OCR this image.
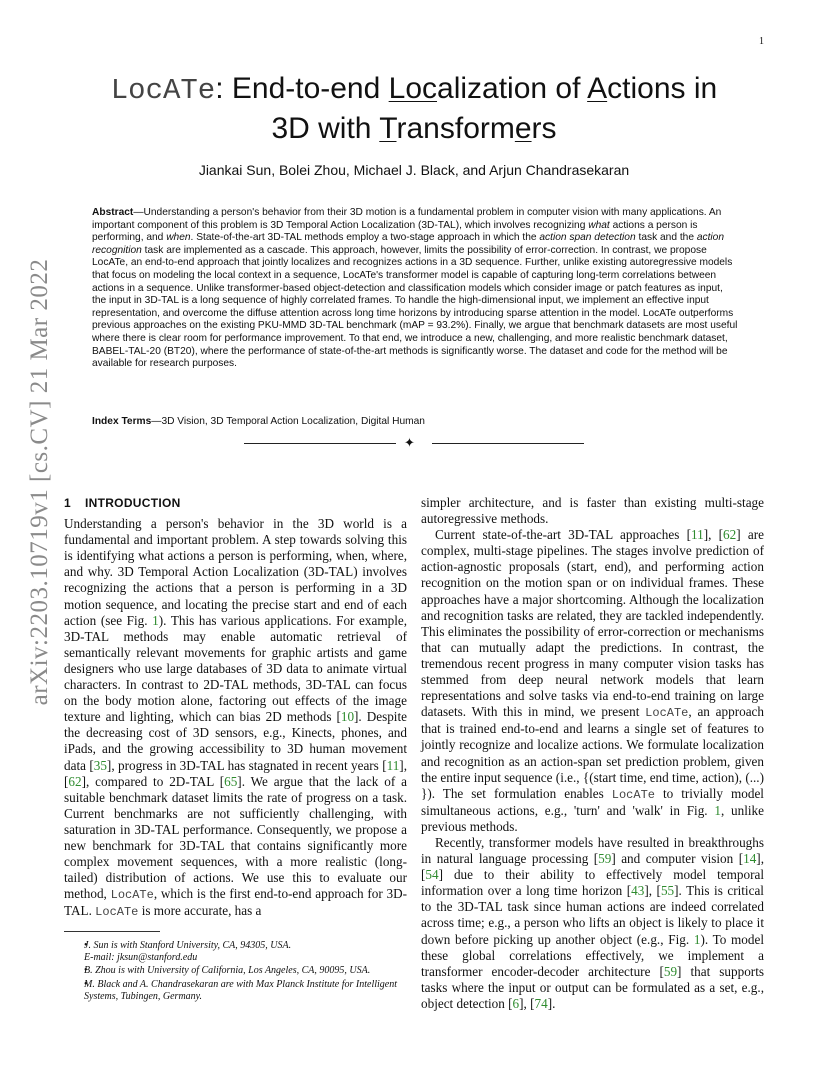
1
arXiv:2203.10719v1 [cs.CV] 21 Mar 2022
LocATe: End-to-end Localization of Actions in
3D with Transformers
Jiankai Sun, Bolei Zhou, Michael J. Black, and Arjun Chandrasekaran

Abstract—Understanding a person's behavior from their 3D motion is a fundamental problem in computer vision with many applications. An important component of this problem is 3D Temporal Action Localization (3D-TAL), which involves recognizing what actions a person is performing, and when. State-of-the-art 3D-TAL methods employ a two-stage approach in which the action span detection task and the action recognition task are implemented as a cascade. This approach, however, limits the possibility of error-correction. In contrast, we propose LocATe, an end-to-end approach that jointly localizes and recognizes actions in a 3D sequence. Further, unlike existing autoregressive models that focus on modeling the local context in a sequence, LocATe's transformer model is capable of capturing long-term correlations between actions in a sequence. Unlike transformer-based object-detection and classification models which consider image or patch features as input, the input in 3D-TAL is a long sequence of highly correlated frames. To handle the high-dimensional input, we implement an effective input representation, and overcome the diffuse attention across long time horizons by introducing sparse attention in the model. LocATe outperforms previous approaches on the existing PKU-MMD 3D-TAL benchmark (mAP = 93.2%). Finally, we argue that benchmark datasets are most useful where there is clear room for performance improvement. To that end, we introduce a new, challenging, and more realistic benchmark dataset, BABEL-TAL-20 (BT20), where the performance of state-of-the-art methods is significantly worse. The dataset and code for the method will be available for research purposes.

Index Terms—3D Vision, 3D Temporal Action Localization, Digital Human
✦
1 INTRODUCTION

Understanding a person's behavior in the 3D world is a fundamental and important problem. A step towards solving this is identifying what actions a person is performing, when, where, and why. 3D Temporal Action Localization (3D-TAL) involves recognizing the actions that a person is performing in a 3D motion sequence, and locating the precise start and end of each action (see Fig. 1). This has various applications. For example, 3D-TAL methods may enable automatic retrieval of semantically relevant movements for graphic artists and game designers who use large databases of 3D data to animate virtual characters. In contrast to 2D-TAL methods, 3D-TAL can focus on the body motion alone, factoring out effects of the image texture and lighting, which can bias 2D methods [10]. Despite the decreasing cost of 3D sensors, e.g., Kinects, phones, and iPads, and the growing accessibility to 3D human movement data [35], progress in 3D-TAL has stagnated in recent years [11], [62], compared to 2D-TAL [65]. We argue that the lack of a suitable benchmark dataset limits the rate of progress on a task. Current benchmarks are not sufficiently challenging, with saturation in 3D-TAL performance. Consequently, we propose a new benchmark for 3D-TAL that contains significantly more complex movement sequences, with a more realistic (long-tailed) distribution of actions. We use this to evaluate our method, LocATe, which is the first end-to-end approach for 3D-TAL. LocATe is more accurate, has a

• J. Sun is with Stanford University, CA, 94305, USA.
E-mail: jksun@stanford.edu
• B. Zhou is with University of California, Los Angeles, CA, 90095, USA.
• M. Black and A. Chandrasekaran are with Max Planck Institute for Intelligent Systems, Tubingen, Germany.

simpler architecture, and is faster than existing multi-stage autoregressive methods.

Current state-of-the-art 3D-TAL approaches [11], [62] are complex, multi-stage pipelines. The stages involve prediction of action-agnostic proposals (start, end), and performing action recognition on the motion span or on individual frames. These approaches have a major shortcoming. Although the localization and recognition tasks are related, they are tackled independently. This eliminates the possibility of error-correction or mechanisms that can mutually adapt the predictions. In contrast, the tremendous recent progress in many computer vision tasks has stemmed from deep neural network models that learn representations and solve tasks via end-to-end training on large datasets. With this in mind, we present LocATe, an approach that is trained end-to-end and learns a single set of features to jointly recognize and localize actions. We formulate localization and recognition as an action-span set prediction problem, given the entire input sequence (i.e., {(start time, end time, action), (...) }). The set formulation enables LocATe to trivially model simultaneous actions, e.g., 'turn' and 'walk' in Fig. 1, unlike previous methods.

Recently, transformer models have resulted in breakthroughs in natural language processing [59] and computer vision [14], [54] due to their ability to effectively model temporal information over a long time horizon [43], [55]. This is critical to the 3D-TAL task since human actions are indeed correlated across time; e.g., a person who lifts an object is likely to place it down before picking up another object (e.g., Fig. 1). To model these global correlations effectively, we implement a transformer encoder-decoder architecture [59] that supports tasks where the input or output can be formulated as a set, e.g., object detection [6], [74].
